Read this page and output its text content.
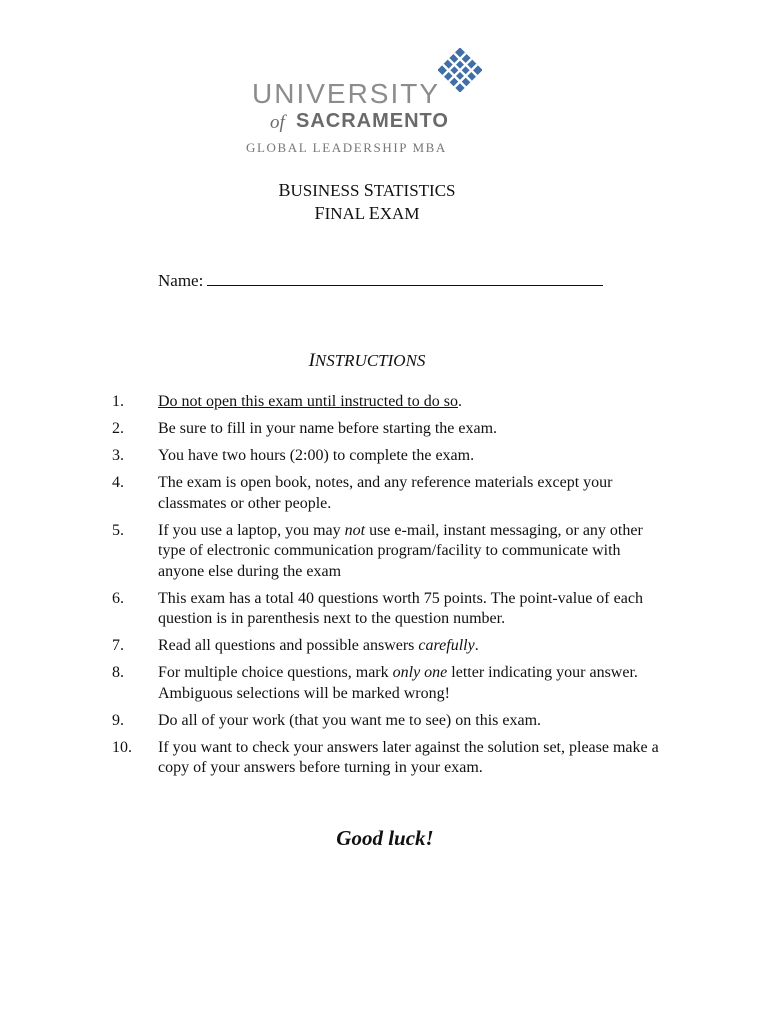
UNIVERSITY
of SACRAMENTO
GLOBAL LEADERSHIP MBA
BUSINESS STATISTICS
FINAL EXAM
Name:
INSTRUCTIONS
1.	Do not open this exam until instructed to do so.
2.	Be sure to fill in your name before starting the exam.
3.	You have two hours (2:00) to complete the exam.
4.	The exam is open book, notes, and any reference materials except your classmates or other people.
5.	If you use a laptop, you may not use e-mail, instant messaging, or any other type of electronic communication program/facility to communicate with anyone else during the exam
6.	This exam has a total 40 questions worth 75 points. The point-value of each question is in parenthesis next to the question number.
7.	Read all questions and possible answers carefully.
8.	For multiple choice questions, mark only one letter indicating your answer. Ambiguous selections will be marked wrong!
9.	Do all of your work (that you want me to see) on this exam.
10.	If you want to check your answers later against the solution set, please make a copy of your answers before turning in your exam.
Good luck!
